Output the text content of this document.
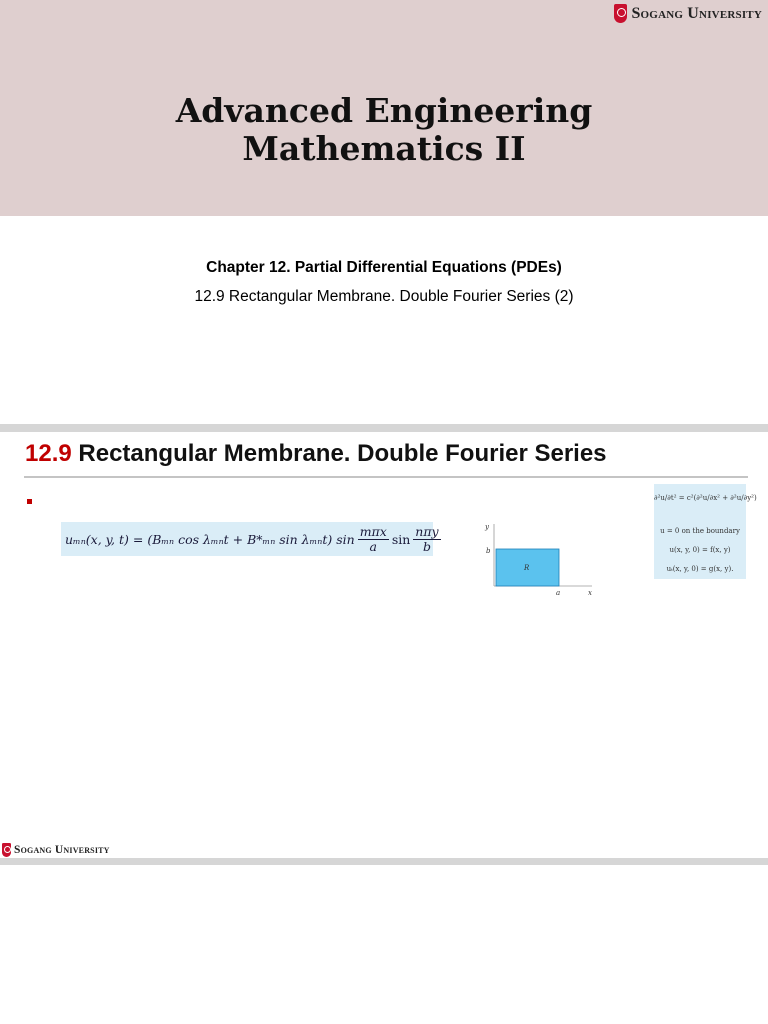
Sogang University
Advanced Engineering
Mathematics II
Chapter 12. Partial Differential Equations (PDEs)
12.9 Rectangular Membrane. Double Fourier Series (2)
12.9 Rectangular Membrane. Double Fourier Series
uₘₙ(x, y, t) = (Bₘₙ cos λₘₙt + B*ₘₙ sin λₘₙt) $\sin \frac{\text{mπx}}{a}$ $\sin \frac{\text{nπy}}{b}$	y
b
R
a	x
∂²u/∂t² = c²(∂²u/∂x² + ∂²u/∂y²)
u = 0 on the boundary
u(x, y, 0) = f(x, y)
uₜ(x, y, 0) = g(x, y).
Sogang University
